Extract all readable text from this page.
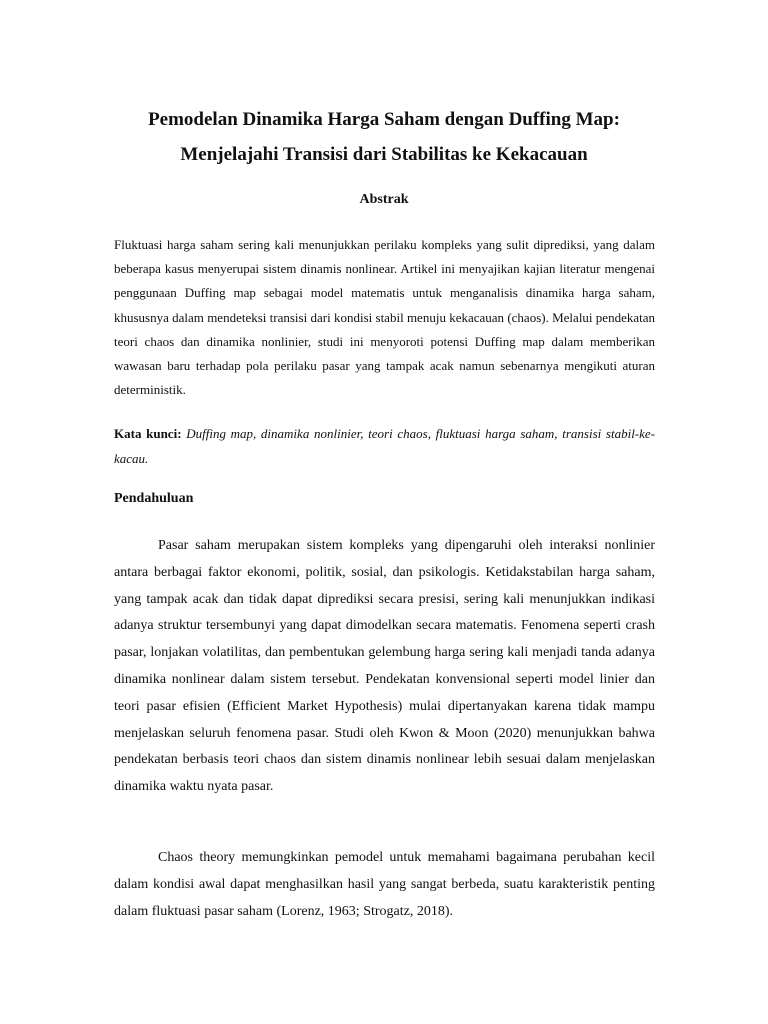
Pemodelan Dinamika Harga Saham dengan Duffing Map:
Menjelajahi Transisi dari Stabilitas ke Kekacauan
Abstrak
Fluktuasi harga saham sering kali menunjukkan perilaku kompleks yang sulit diprediksi, yang dalam beberapa kasus menyerupai sistem dinamis nonlinear. Artikel ini menyajikan kajian literatur mengenai penggunaan Duffing map sebagai model matematis untuk menganalisis dinamika harga saham, khususnya dalam mendeteksi transisi dari kondisi stabil menuju kekacauan (chaos). Melalui pendekatan teori chaos dan dinamika nonlinier, studi ini menyoroti potensi Duffing map dalam memberikan wawasan baru terhadap pola perilaku pasar yang tampak acak namun sebenarnya mengikuti aturan deterministik.
Kata kunci: Duffing map, dinamika nonlinier, teori chaos, fluktuasi harga saham, transisi stabil-ke-kacau.
Pendahuluan
Pasar saham merupakan sistem kompleks yang dipengaruhi oleh interaksi nonlinier antara berbagai faktor ekonomi, politik, sosial, dan psikologis. Ketidakstabilan harga saham, yang tampak acak dan tidak dapat diprediksi secara presisi, sering kali menunjukkan indikasi adanya struktur tersembunyi yang dapat dimodelkan secara matematis. Fenomena seperti crash pasar, lonjakan volatilitas, dan pembentukan gelembung harga sering kali menjadi tanda adanya dinamika nonlinear dalam sistem tersebut. Pendekatan konvensional seperti model linier dan teori pasar efisien (Efficient Market Hypothesis) mulai dipertanyakan karena tidak mampu menjelaskan seluruh fenomena pasar. Studi oleh Kwon & Moon (2020) menunjukkan bahwa pendekatan berbasis teori chaos dan sistem dinamis nonlinear lebih sesuai dalam menjelaskan dinamika waktu nyata pasar.
Chaos theory memungkinkan pemodel untuk memahami bagaimana perubahan kecil dalam kondisi awal dapat menghasilkan hasil yang sangat berbeda, suatu karakteristik penting dalam fluktuasi pasar saham (Lorenz, 1963; Strogatz, 2018).
